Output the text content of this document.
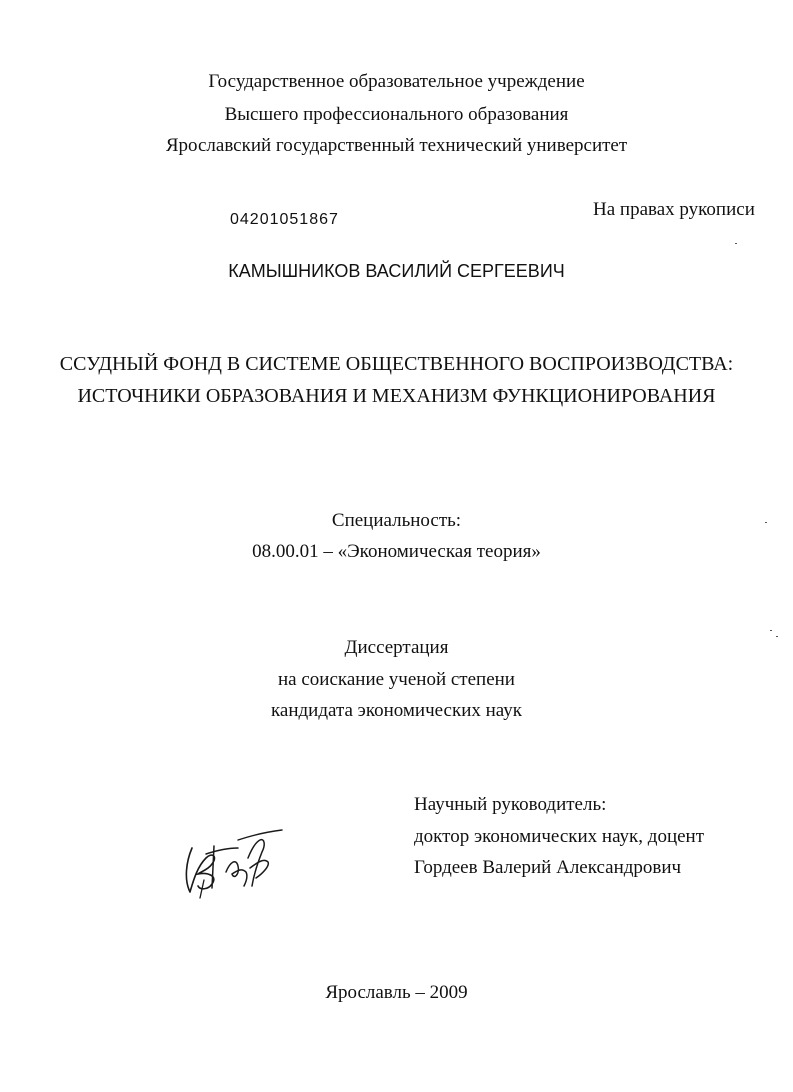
Государственное образовательное учреждение
Высшего профессионального образования
Ярославский государственный технический университет
04201051867	На правах рукописи
КАМЫШНИКОВ ВАСИЛИЙ СЕРГЕЕВИЧ
ССУДНЫЙ ФОНД В СИСТЕМЕ ОБЩЕСТВЕННОГО ВОСПРОИЗВОДСТВА:
ИСТОЧНИКИ ОБРАЗОВАНИЯ И МЕХАНИЗМ ФУНКЦИОНИРОВАНИЯ
Специальность:
08.00.01 – «Экономическая теория»
Диссертация
на соискание ученой степени
кандидата экономических наук
Научный руководитель:
доктор экономических наук, доцент
Гордеев Валерий Александрович
Ярославль – 2009
